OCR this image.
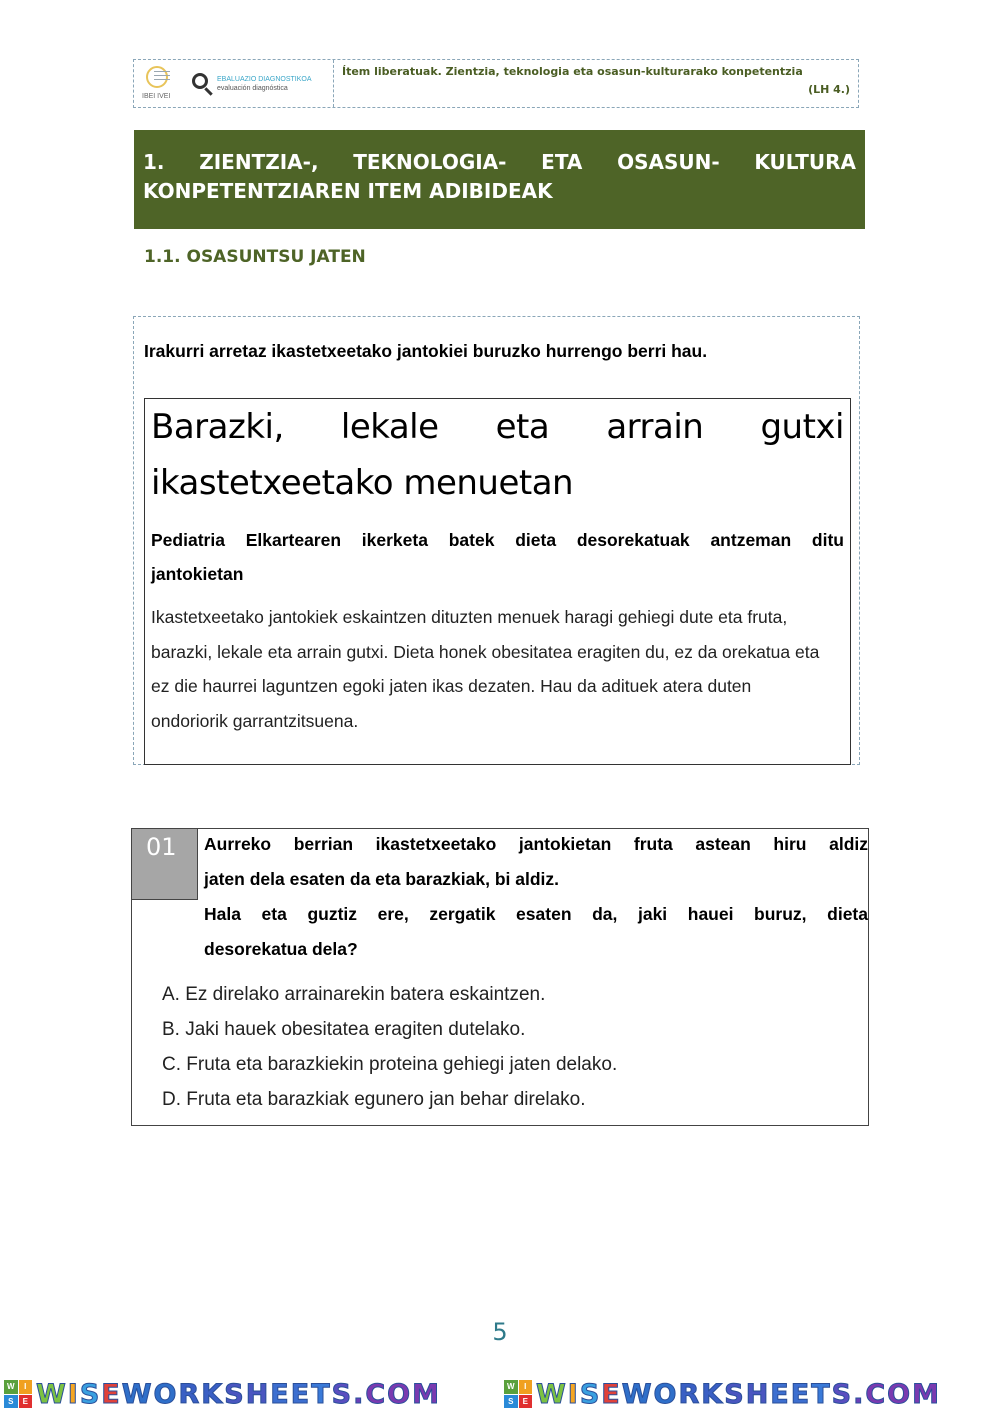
IBEI IVEI
EBALUAZIO DIAGNOSTIKOA
evaluación diagnóstica
Ítem liberatuak. Zientzia, teknologia eta osasun-kulturarako konpetentzia
(LH 4.)
1. ZIENTZIA-, TEKNOLOGIA- ETA OSASUN- KULTURA
KONPETENTZIAREN ITEM ADIBIDEAK
1.1. OSASUNTSU JATEN
Irakurri arretaz ikastetxeetako jantokiei buruzko hurrengo berri hau.
Barazki, lekale eta arrain gutxi
ikastetxeetako menuetan
Pediatria Elkartearen ikerketa batek dieta desorekatuak antzeman ditu
jantokietan
Ikastetxeetako jantokiek eskaintzen dituzten menuek haragi gehiegi dute eta fruta, barazki, lekale eta arrain gutxi. Dieta honek obesitatea eragiten du, ez da orekatua eta ez die haurrei laguntzen egoki jaten ikas dezaten. Hau da adituek atera duten ondoriorik garrantzitsuena.
01	Aurreko berrian ikastetxeetako jantokietan fruta astean hiru aldiz
jaten dela esaten da eta barazkiak, bi aldiz.

Hala eta guztiz ere, zergatik esaten da, jaki hauei buruz, dieta
desorekatua dela?

A. Ez direlako arrainarekin batera eskaintzen.
B. Jaki hauek obesitatea eragiten dutelako.
C. Fruta eta barazkiekin proteina gehiegi jaten delako.
D. Fruta eta barazkiak egunero jan behar direlako.
5
W	I
S	E WISEWORKSHEETS.COM	W	I
S	E WISEWORKSHEETS.COM
